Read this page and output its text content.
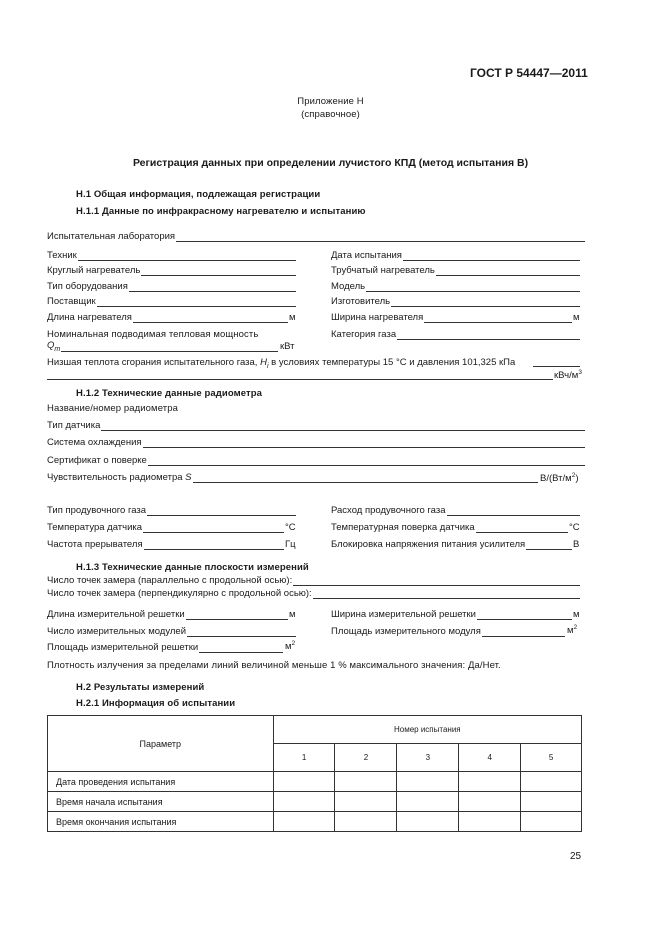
ГОСТ Р 54447—2011
Приложение Н
(справочное)
Регистрация данных при определении лучистого КПД (метод испытания В)
Н.1 Общая информация, подлежащая регистрации
Н.1.1 Данные по инфракрасному нагревателю и испытанию
Испытательная лаборатория
Техник	Дата испытания
Круглый нагреватель	Трубчатый нагреватель
Тип оборудования	Модель
Поставщик	Изготовитель
Длина нагревателя	м	Ширина нагревателя	м
Номинальная подводимая тепловая мощность
$Q_m$	кВт
Категория газа
Низшая теплота сгорания испытательного газа, $H_i$ в условиях температуры 15 °C и давления 101,325 кПа
кВч/$м^3$
Н.1.2 Технические данные радиометра
Название/номер радиометра
Тип датчика
Система охлаждения
Сертификат о поверке
Чувствительность радиометра S	$В/(Вт/м^2)$
Тип продувочного газа	Расход продувочного газа
Температура датчика	°C	Температурная поверка датчика	°C
Частота прерывателя	Гц	Блокировка напряжения питания усилителя	В
Н.1.3 Технические данные плоскости измерений
Число точек замера (параллельно с продольной осью):
Число точек замера (перпендикулярно с продольной осью):
Длина измерительной решетки	м	Ширина измерительной решетки	м
Число измерительных модулей	Площадь измерительного модуля	$м^2$
Площадь измерительной решетки	$м^2$
Плотность излучения за пределами линий величиной меньше 1 % максимального значения: Да/Нет.
Н.2 Результаты измерений
Н.2.1 Информация об испытании
Параметр	Номер испытания				
	1	2	3	4	5
Дата проведения испытания					
Время начала испытания					
Время окончания испытания					
25
